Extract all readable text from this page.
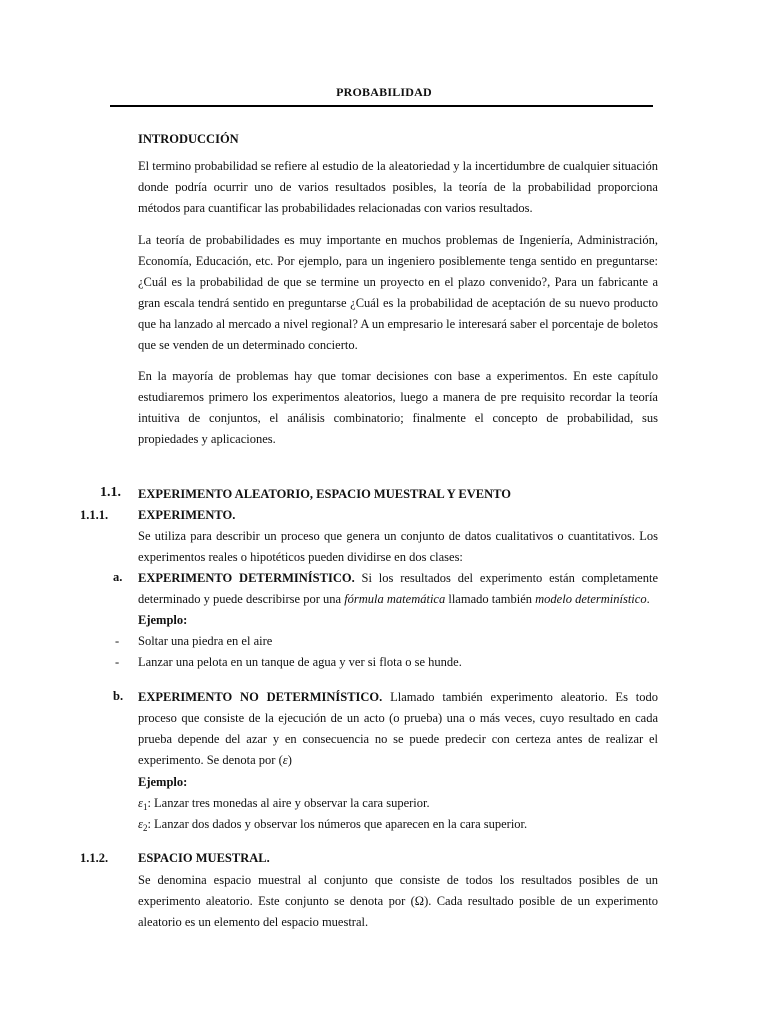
PROBABILIDAD
INTRODUCCIÓN

El termino probabilidad se refiere al estudio de la aleatoriedad y la incertidumbre de cualquier situación donde podría ocurrir uno de varios resultados posibles, la teoría de la probabilidad proporciona métodos para cuantificar las probabilidades relacionadas con varios resultados.

La teoría de probabilidades es muy importante en muchos problemas de Ingeniería, Administración, Economía, Educación, etc. Por ejemplo, para un ingeniero posiblemente tenga sentido en preguntarse: ¿Cuál es la probabilidad de que se termine un proyecto en el plazo convenido?, Para un fabricante a gran escala tendrá sentido en preguntarse ¿Cuál es la probabilidad de aceptación de su nuevo producto que ha lanzado al mercado a nivel regional? A un empresario le interesará saber el porcentaje de boletos que se venden de un determinado concierto.

En la mayoría de problemas hay que tomar decisiones con base a experimentos. En este capítulo estudiaremos primero los experimentos aleatorios, luego a manera de pre requisito recordar la teoría intuitiva de conjuntos, el análisis combinatorio; finalmente el concepto de probabilidad, sus propiedades y aplicaciones.

1.1. EXPERIMENTO ALEATORIO, ESPACIO MUESTRAL Y EVENTO
1.1.1. EXPERIMENTO.

Se utiliza para describir un proceso que genera un conjunto de datos cualitativos o cuantitativos. Los experimentos reales o hipotéticos pueden dividirse en dos clases:

a. EXPERIMENTO DETERMINÍSTICO. Si los resultados del experimento están completamente determinado y puede describirse por una fórmula matemática llamado también modelo determinístico.

Ejemplo:
- Soltar una piedra en el aire
- Lanzar una pelota en un tanque de agua y ver si flota o se hunde.
b. EXPERIMENTO NO DETERMINÍSTICO. Llamado también experimento aleatorio. Es todo proceso que consiste de la ejecución de un acto (o prueba) una o más veces, cuyo resultado en cada prueba depende del azar y en consecuencia no se puede predecir con certeza antes de realizar el experimento. Se denota por (ε)

Ejemplo:
$\varepsilon_1$: Lanzar tres monedas al aire y observar la cara superior.
$\varepsilon_2$: Lanzar dos dados y observar los números que aparecen en la cara superior.
1.1.2. ESPACIO MUESTRAL.

Se denomina espacio muestral al conjunto que consiste de todos los resultados posibles de un experimento aleatorio. Este conjunto se denota por (Ω). Cada resultado posible de un experimento aleatorio es un elemento del espacio muestral.
